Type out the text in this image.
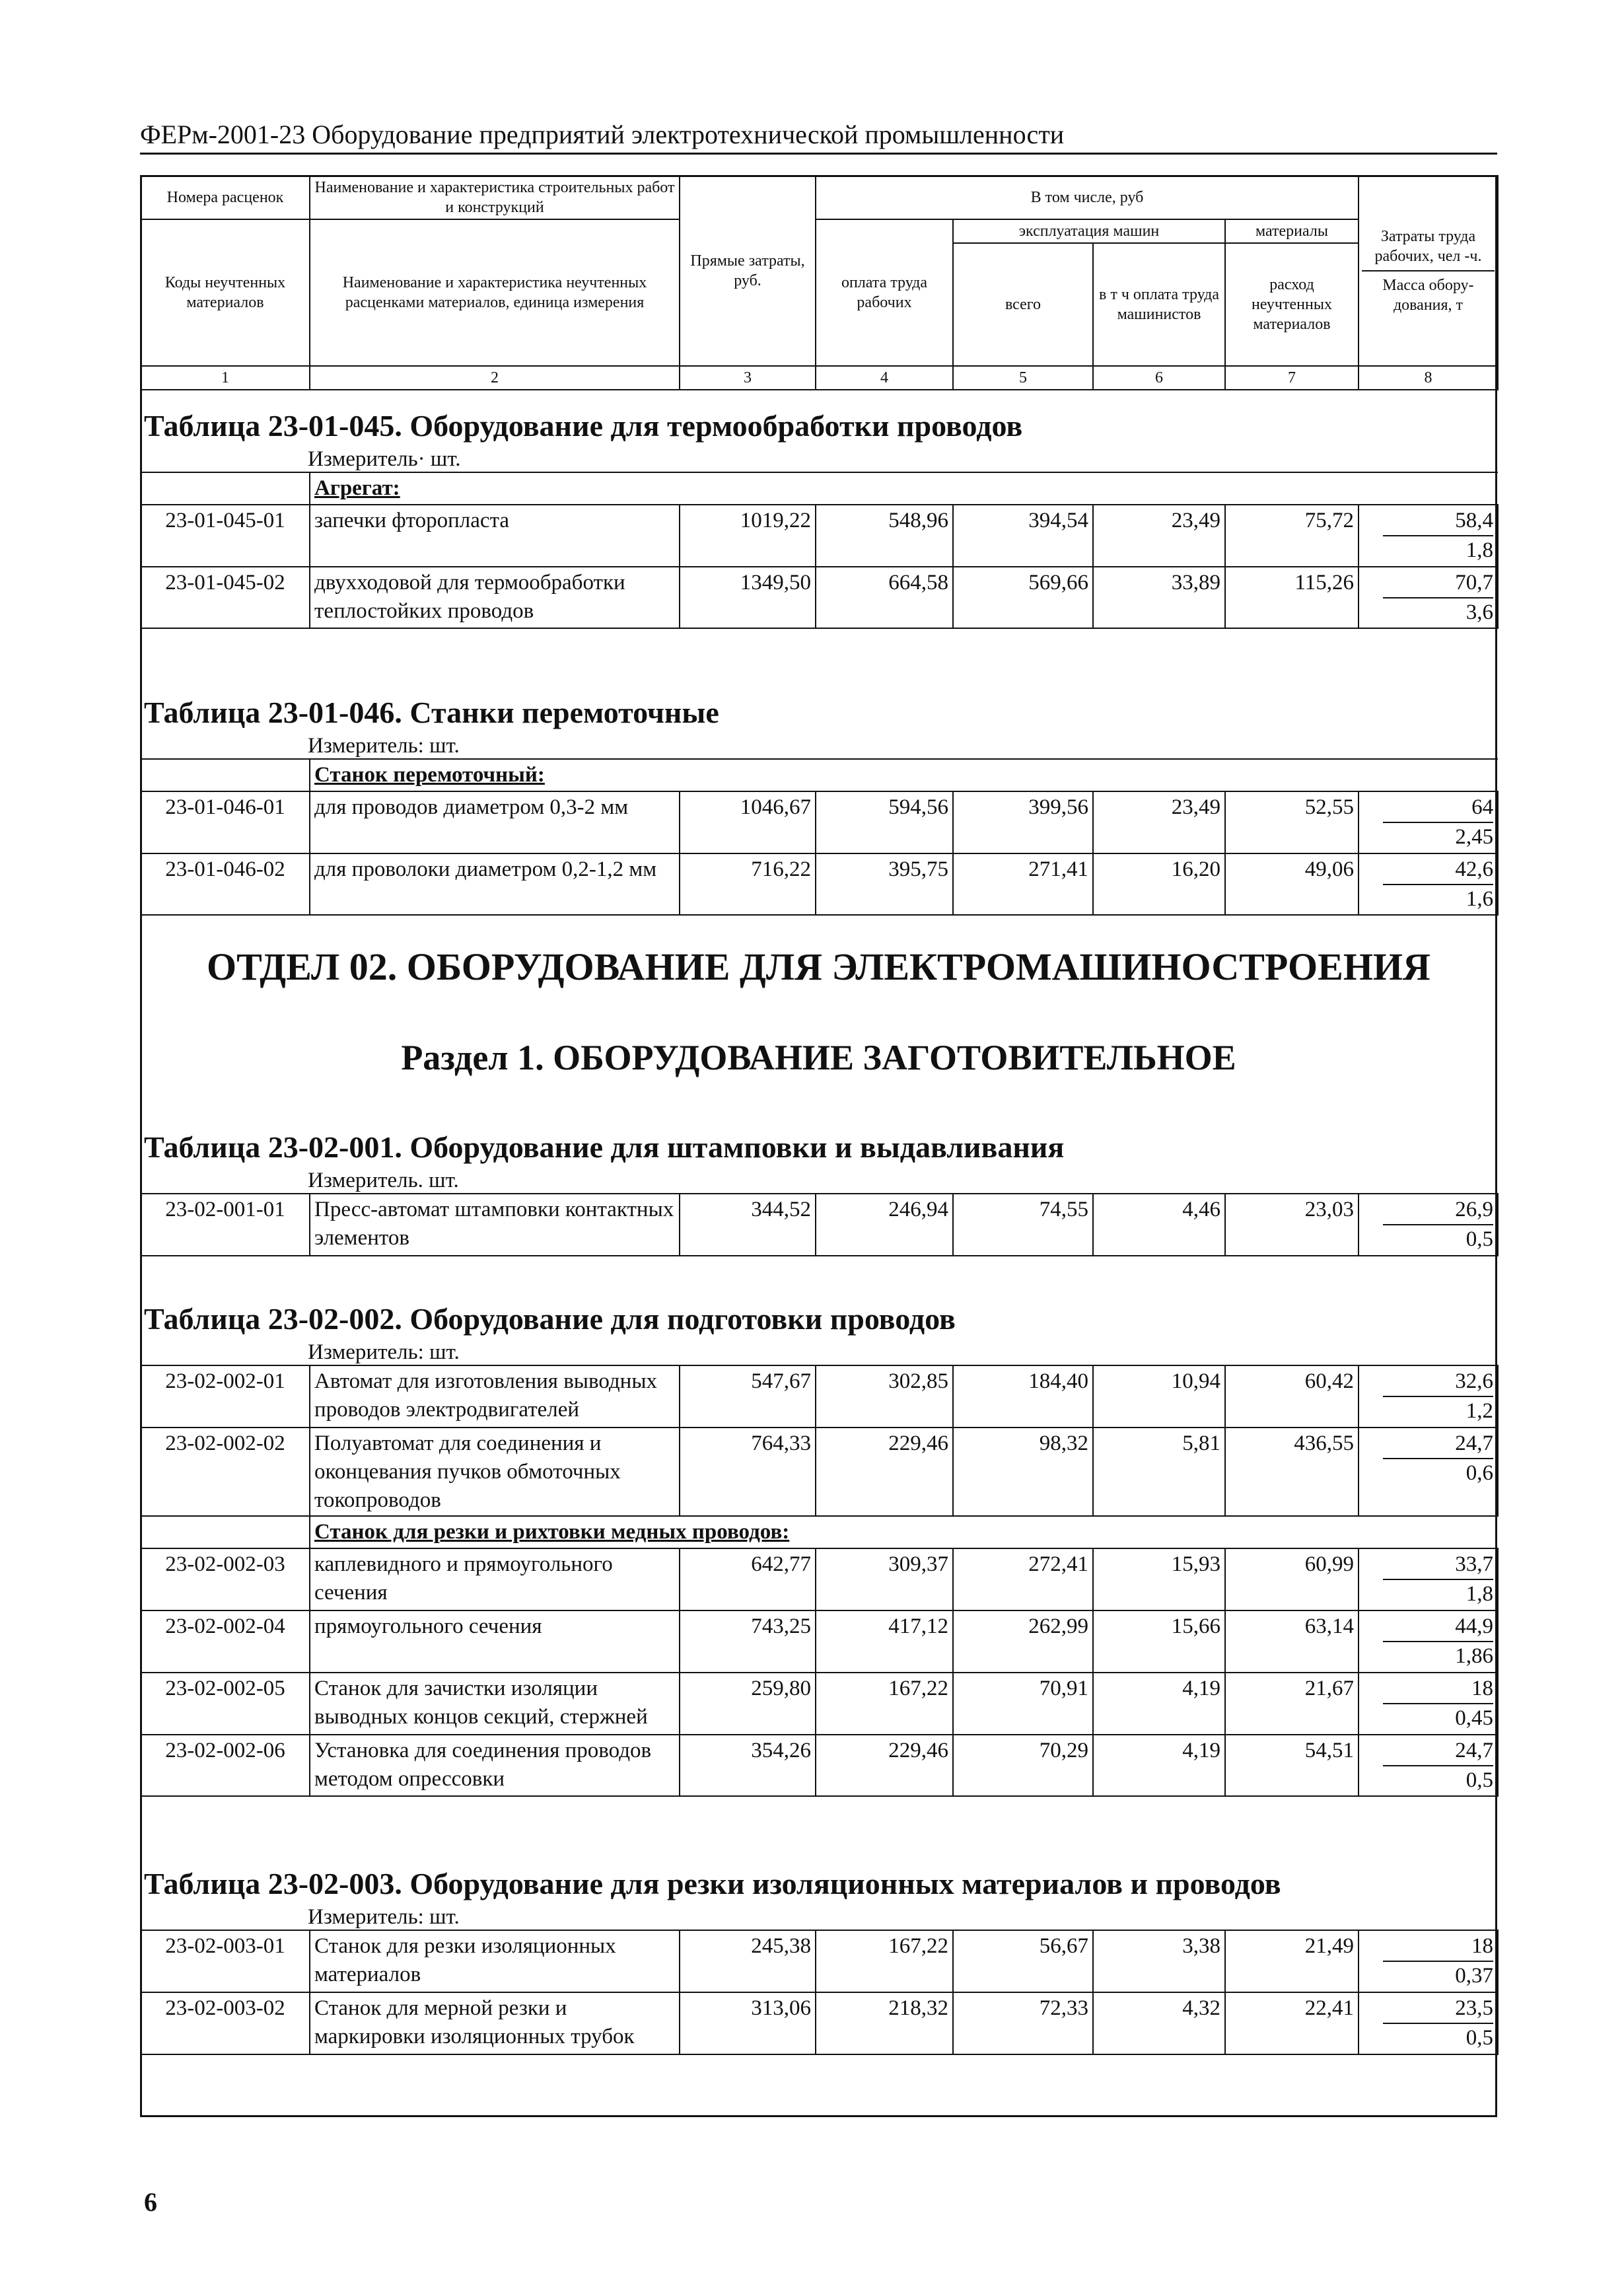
ФЕРм-2001-23 Оборудование предприятий электротехнической промышленности
Номера расценок	Наименование и характеристика строительных работ и конструкций	Прямые затраты, руб.	В том числе, руб				Затраты труда рабочих, чел -ч.
Масса обору-дования, т

Коды неучтенных материалов	Наименование и характеристика неучтенных расценками материалов, единица измерения		оплата труда рабочих	эксплуатация машин		материалы	
				всего	в т ч оплата труда машинистов	расход неучтенных материалов	
1	2	3	4	5	6	7	8
Таблица 23-01-045. Оборудование для термообработки проводов
Измеритель· шт.
	Агрегат:						
23-01-045-01	запечки фторопласта	1019,22	548,96	394,54	23,49	75,72	58,4
1,8
23-01-045-02	двухходовой для термообработки теплостойких проводов	1349,50	664,58	569,66	33,89	115,26	70,7
3,6
Таблица 23-01-046. Станки перемоточные
Измеритель: шт.
	Станок перемоточный:						
23-01-046-01	для проводов диаметром 0,3-2 мм	1046,67	594,56	399,56	23,49	52,55	64
2,45
23-01-046-02	для проволоки диаметром 0,2-1,2 мм	716,22	395,75	271,41	16,20	49,06	42,6
1,6
ОТДЕЛ 02. ОБОРУДОВАНИЕ ДЛЯ ЭЛЕКТРОМАШИНОСТРОЕНИЯ
Раздел 1. ОБОРУДОВАНИЕ ЗАГОТОВИТЕЛЬНОЕ
Таблица 23-02-001. Оборудование для штамповки и выдавливания
Измеритель. шт.
23-02-001-01	Пресс-автомат штамповки контактных элементов	344,52	246,94	74,55	4,46	23,03	26,9
0,5
Таблица 23-02-002. Оборудование для подготовки проводов
Измеритель: шт.
23-02-002-01	Автомат для изготовления выводных проводов электродвигателей	547,67	302,85	184,40	10,94	60,42	32,6
1,2
23-02-002-02	Полуавтомат для соединения и оконцевания пучков обмоточных токопроводов	764,33	229,46	98,32	5,81	436,55	24,7
0,6
	Станок для резки и рихтовки медных проводов:						
23-02-002-03	каплевидного и прямоугольного сечения	642,77	309,37	272,41	15,93	60,99	33,7
1,8
23-02-002-04	прямоугольного сечения	743,25	417,12	262,99	15,66	63,14	44,9
1,86
23-02-002-05	Станок для зачистки изоляции выводных концов секций, стержней	259,80	167,22	70,91	4,19	21,67	18
0,45
23-02-002-06	Установка для соединения проводов методом опрессовки	354,26	229,46	70,29	4,19	54,51	24,7
0,5
Таблица 23-02-003. Оборудование для резки изоляционных материалов и проводов
Измеритель: шт.
23-02-003-01	Станок для резки изоляционных материалов	245,38	167,22	56,67	3,38	21,49	18
0,37
23-02-003-02	Станок для мерной резки и маркировки изоляционных трубок	313,06	218,32	72,33	4,32	22,41	23,5
0,5
6
